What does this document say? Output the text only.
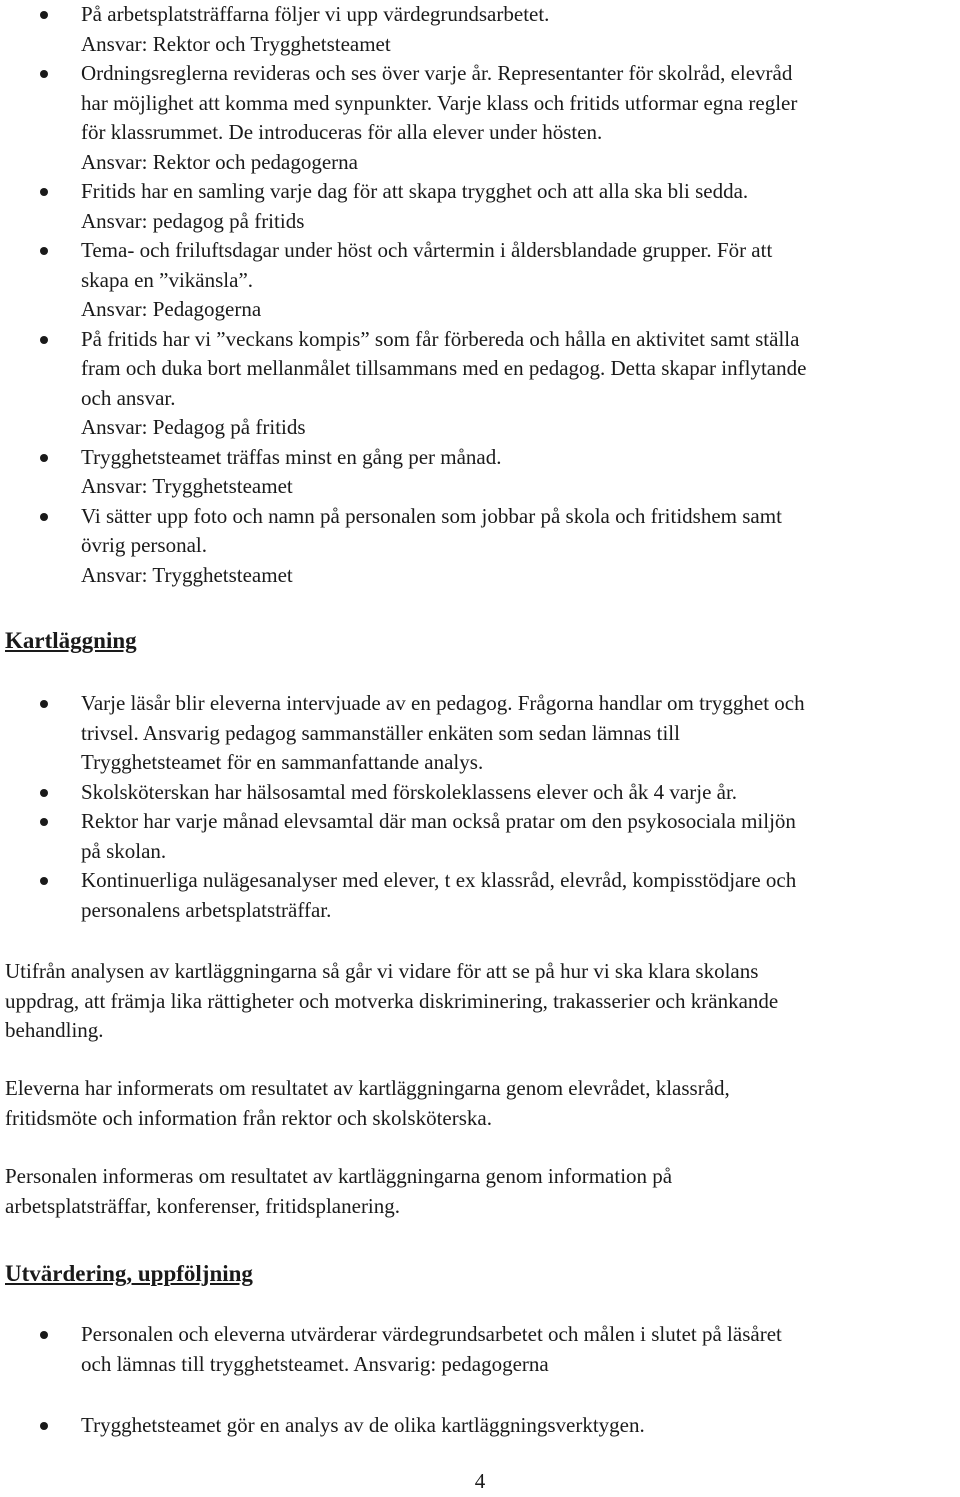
På arbetsplatsträffarna följer vi upp värdegrundsarbetet.
Ansvar: Rektor och Trygghetsteamet
Ordningsreglerna revideras och ses över varje år. Representanter för skolråd, elevråd
har möjlighet att komma med synpunkter. Varje klass och fritids utformar egna regler
för klassrummet. De introduceras för alla elever under hösten.
Ansvar: Rektor och pedagogerna
Fritids har en samling varje dag för att skapa trygghet och att alla ska bli sedda.
Ansvar: pedagog på fritids
Tema- och friluftsdagar under höst och vårtermin i åldersblandade grupper. För att
skapa en ”vikänsla”.
Ansvar: Pedagogerna
På fritids har vi ”veckans kompis” som får förbereda och hålla en aktivitet samt ställa
fram och duka bort mellanmålet tillsammans med en pedagog. Detta skapar inflytande
och ansvar.
Ansvar: Pedagog på fritids
Trygghetsteamet träffas minst en gång per månad.
Ansvar: Trygghetsteamet
Vi sätter upp foto och namn på personalen som jobbar på skola och fritidshem samt
övrig personal.
Ansvar: Trygghetsteamet
Kartläggning
Varje läsår blir eleverna intervjuade av en pedagog. Frågorna handlar om trygghet och
trivsel. Ansvarig pedagog sammanställer enkäten som sedan lämnas till
Trygghetsteamet för en sammanfattande analys.
Skolsköterskan har hälsosamtal med förskoleklassens elever och åk 4 varje år.
Rektor har varje månad elevsamtal där man också pratar om den psykosociala miljön
på skolan.
Kontinuerliga nulägesanalyser med elever, t ex klassråd, elevråd, kompisstödjare och
personalens arbetsplatsträffar.

Utifrån analysen av kartläggningarna så går vi vidare för att se på hur vi ska klara skolans
uppdrag, att främja lika rättigheter och motverka diskriminering, trakasserier och kränkande
behandling.

Eleverna har informerats om resultatet av kartläggningarna genom elevrådet, klassråd,
fritidsmöte och information från rektor och skolsköterska.

Personalen informeras om resultatet av kartläggningarna genom information på
arbetsplatsträffar, konferenser, fritidsplanering.

Utvärdering, uppföljning
Personalen och eleverna utvärderar värdegrundsarbetet och målen i slutet på läsåret
och lämnas till trygghetsteamet. Ansvarig: pedagogerna
Trygghetsteamet gör en analys av de olika kartläggningsverktygen.
4
